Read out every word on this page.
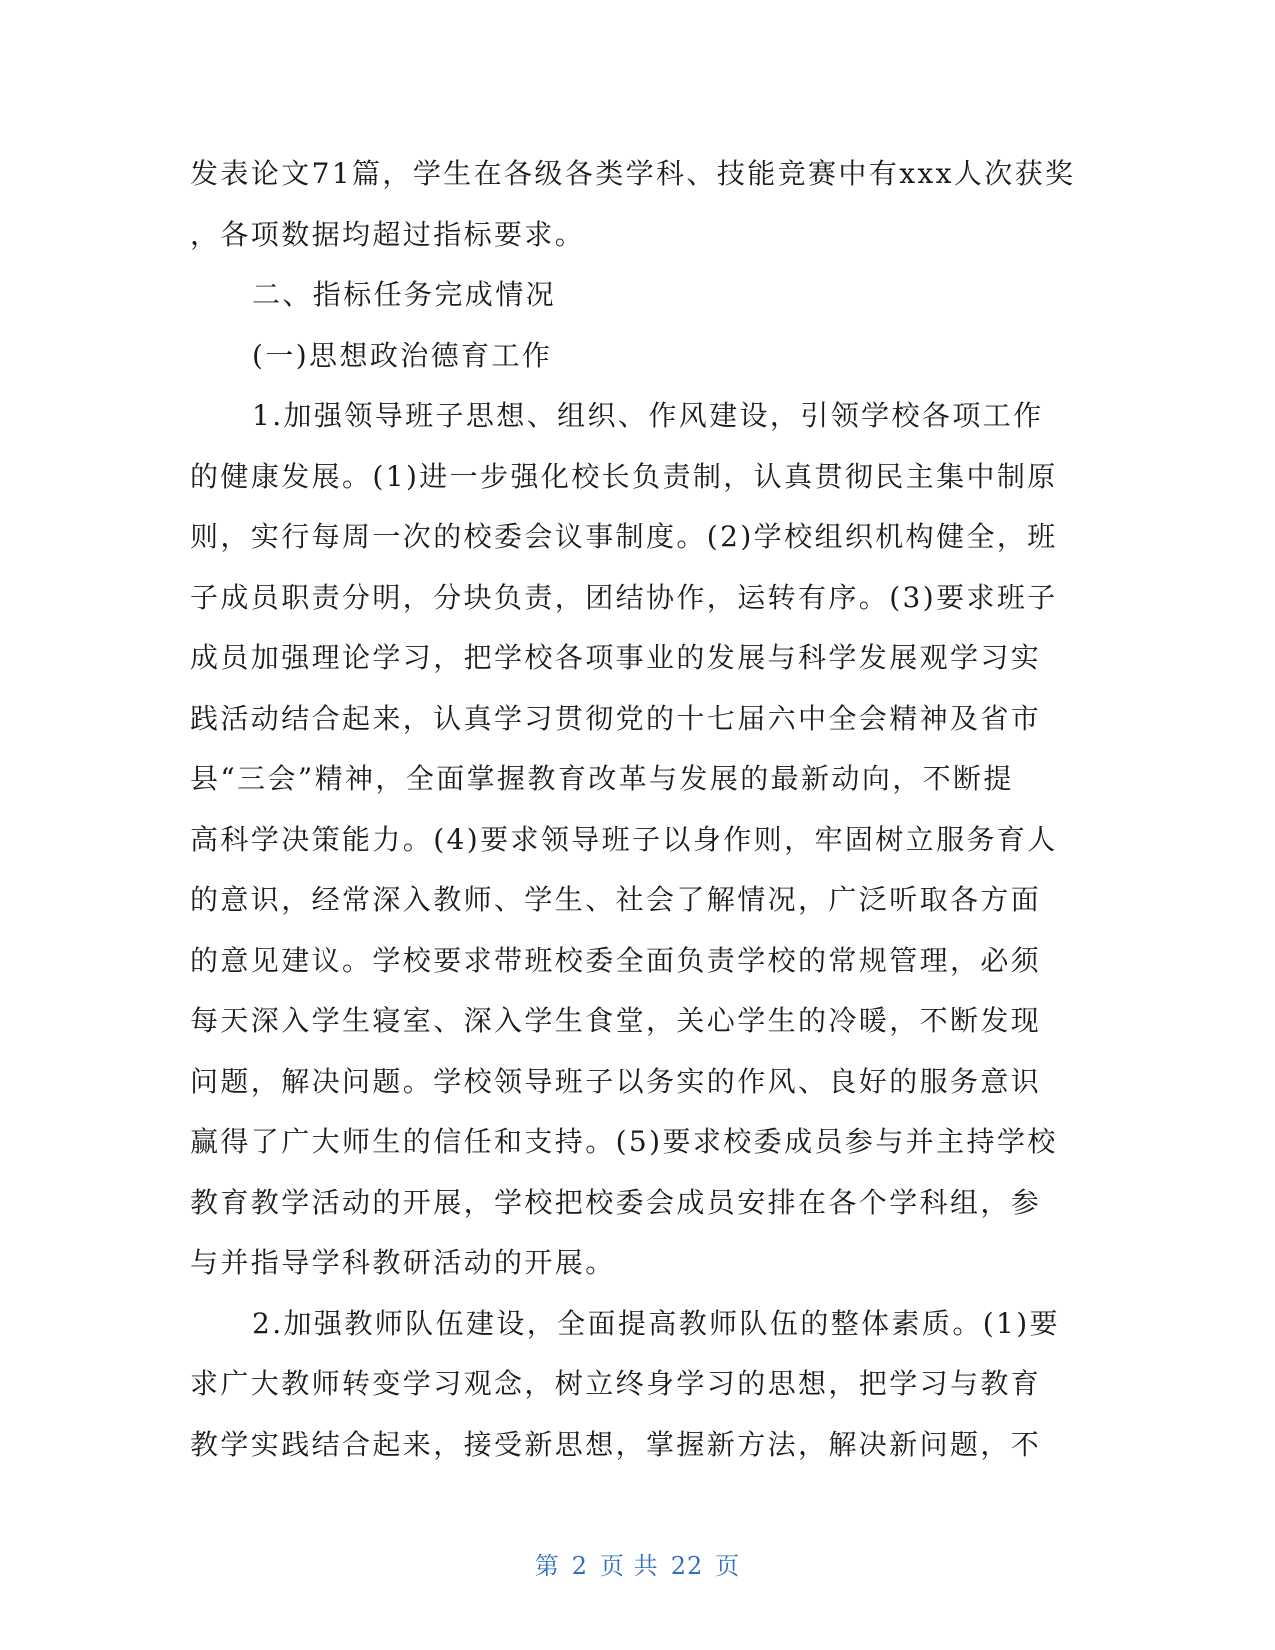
发表论文71篇，学生在各级各类学科、技能竞赛中有xxx人次获奖
，各项数据均超过指标要求。
二、指标任务完成情况
(一)思想政治德育工作
1.加强领导班子思想、组织、作风建设，引领学校各项工作
的健康发展。(1)进一步强化校长负责制，认真贯彻民主集中制原
则，实行每周一次的校委会议事制度。(2)学校组织机构健全，班
子成员职责分明，分块负责，团结协作，运转有序。(3)要求班子
成员加强理论学习，把学校各项事业的发展与科学发展观学习实
践活动结合起来，认真学习贯彻党的十七届六中全会精神及省市
县“三会”精神，全面掌握教育改革与发展的最新动向，不断提
高科学决策能力。(4)要求领导班子以身作则，牢固树立服务育人
的意识，经常深入教师、学生、社会了解情况，广泛听取各方面
的意见建议。学校要求带班校委全面负责学校的常规管理，必须
每天深入学生寝室、深入学生食堂，关心学生的冷暖，不断发现
问题，解决问题。学校领导班子以务实的作风、良好的服务意识
赢得了广大师生的信任和支持。(5)要求校委成员参与并主持学校
教育教学活动的开展，学校把校委会成员安排在各个学科组，参
与并指导学科教研活动的开展。
2.加强教师队伍建设，全面提高教师队伍的整体素质。(1)要
求广大教师转变学习观念，树立终身学习的思想，把学习与教育
教学实践结合起来，接受新思想，掌握新方法，解决新问题，不
第 2 页 共 22 页
